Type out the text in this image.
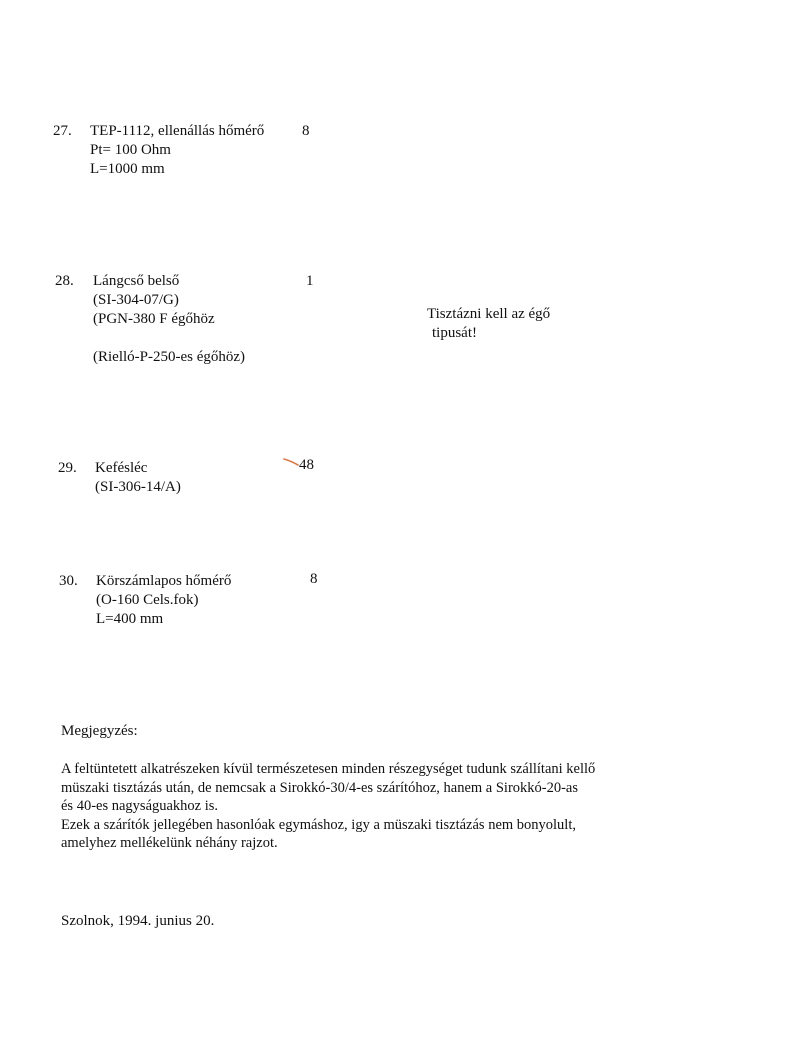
27. TEP-1112, ellenállás hőmérő
Pt= 100 Ohm
L=1000 mm
8
28. Lángcső belső
(SI-304-07/G)
(PGN-380 F égőhöz
(Rielló-P-250-es égőhöz)
1
Tisztázni kell az égő
tipusát!
29. Kefésléc
(SI-306-14/A)
48
30. Körszámlapos hőmérő
(O-160 Cels.fok)
L=400 mm
8
Megjegyzés:
A feltüntetett alkatrészeken kívül természetesen minden részegységet tudunk szállítani kellő
müszaki tisztázás után, de nemcsak a Sirokkó-30/4-es szárítóhoz, hanem a Sirokkó-20-as
és 40-es nagyságuakhoz is.
Ezek a szárítók jellegében hasonlóak egymáshoz, igy a müszaki tisztázás nem bonyolult,
amelyhez mellékelünk néhány rajzot.
Szolnok, 1994. junius 20.
